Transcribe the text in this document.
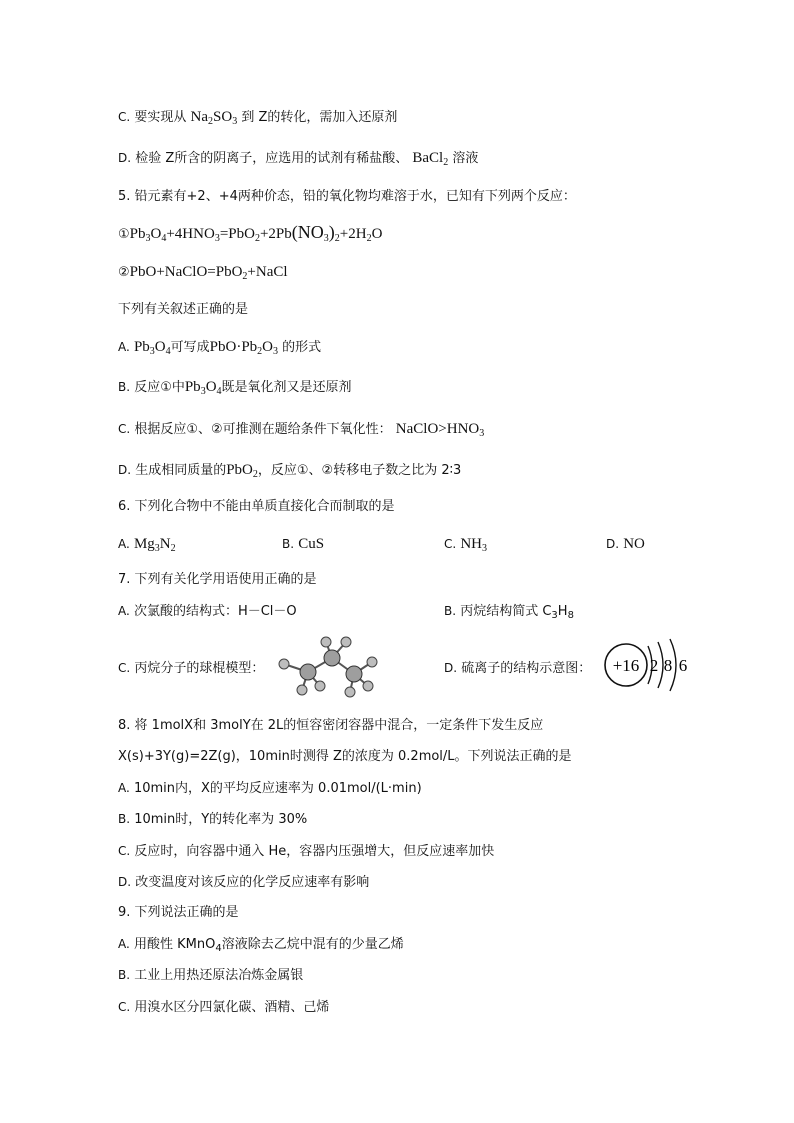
C. 要实现从 $Na_2SO_3$ 到 Z的转化，需加入还原剂
D. 检验 Z所含的阴离子，应选用的试剂有稀盐酸、 BaCl$_2$ 溶液
5. 铅元素有+2、+4两种价态，铅的氧化物均难溶于水，已知有下列两个反应：
$①Pb_3O_4+4HNO_3=PbO_2+2Pb(NO_3)_2+2H_2O$
②PbO+NaClO=PbO$_2$+NaCl
下列有关叙述正确的是
A. $Pb_3O_4$可写成$PbO\cdot Pb_2O_3$ 的形式
B. 反应①中$Pb_3O_4$既是氧化剂又是还原剂
C. 根据反应①、②可推测在题给条件下氧化性： $NaClO>HNO_3$
D. 生成相同质量的PbO$_2$，反应①、②转移电子数之比为 2∶3
6. 下列化合物中不能由单质直接化合而制取的是
A. $Mg_3N_2$	B. CuS	C. $NH_3$	D. NO
7. 下列有关化学用语使用正确的是
A. 次氯酸的结构式：H－Cl－O	B. 丙烷结构简式 $C_3H_8$
C. 丙烷分子的球棍模型：	D. 硫离子的结构示意图： +16 2 8 6
8. 将 1molX和 3molY在 2L的恒容密闭容器中混合，一定条件下发生反应
X(s)+3Y(g)=2Z(g)，10min时测得 Z的浓度为 0.2mol/L。下列说法正确的是
A. 10min内，X的平均反应速率为 0.01mol/(L·min)
B. 10min时，Y的转化率为 30%
C. 反应时，向容器中通入 He，容器内压强增大，但反应速率加快
D. 改变温度对该反应的化学反应速率有影响
9. 下列说法正确的是
A. 用酸性 KMnO$_4$溶液除去乙烷中混有的少量乙烯
B. 工业上用热还原法冶炼金属银
C. 用溴水区分四氯化碳、酒精、己烯
